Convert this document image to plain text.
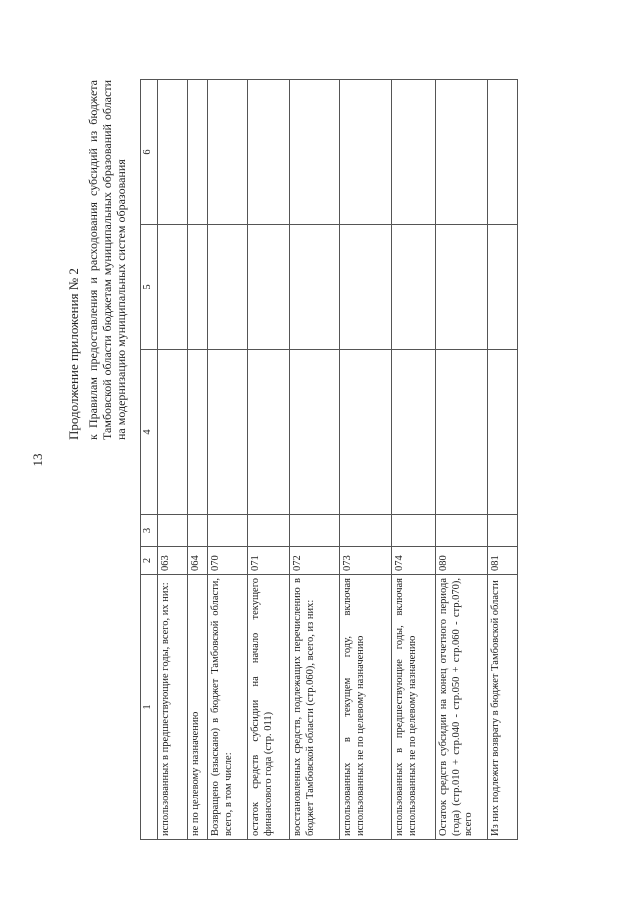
13
Продолжение приложения № 2 к Правилам предоставления и расходования субсидий из бюджета Тамбовской области бюджетам муниципальных образований области на модернизацию муниципальных систем образования
1	2	3	4	5	6
использованных в предшествующие годы, всего, их них:	063				
не по целевому назначению	064				
Возвращено (взыскано) в бюджет Тамбовской области, всего, в том числе:	070				
остаток средств субсидии на начало текущего финансового года (стр. 011)	071				
восстановленных средств, подлежащих перечислению в бюджет Тамбовской области (стр.060), всего, из них:	072				
использованных в текущем году, включая использованных не по целевому назначению	073				
использованных в предшествующие годы, включая использованных не по целевому назначению	074				
Остаток средств субсидии на конец отчетного периода (года) (стр.010 + стр.040 - стр.050 + стр.060 - стр.070), всего	080				
Из них подлежит возврату в бюджет Тамбовской области	081				
